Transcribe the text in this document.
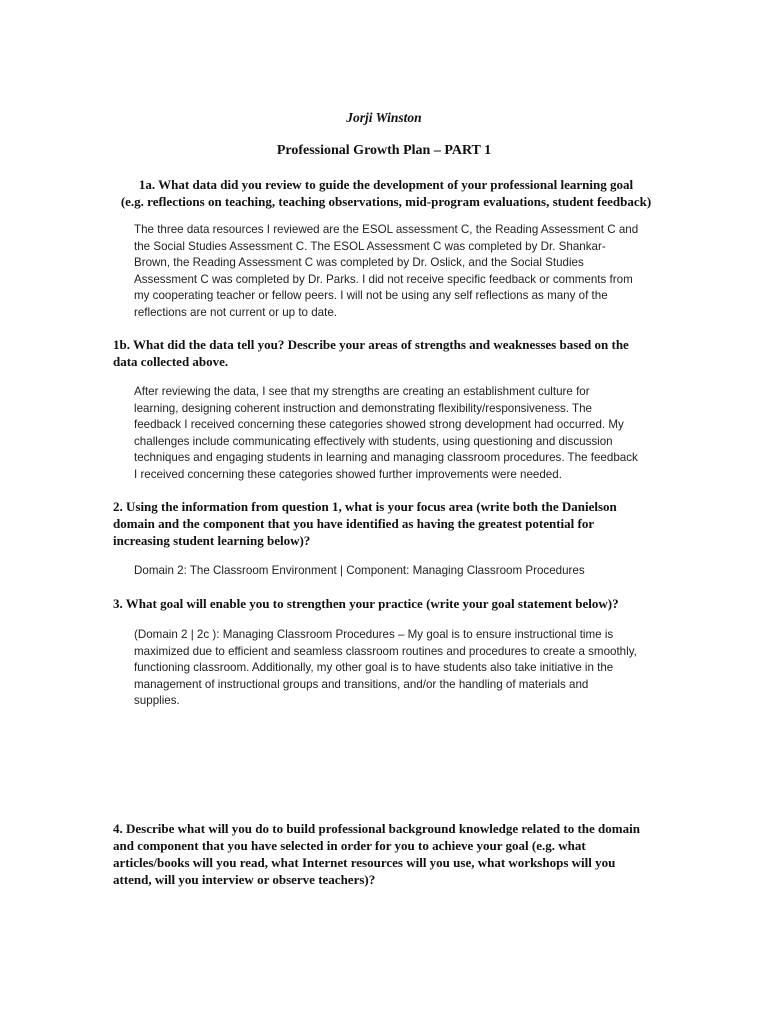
Jorji Winston
Professional Growth Plan – PART 1
1a. What data did you review to guide the development of your professional learning goal
(e.g. reflections on teaching, teaching observations, mid-program evaluations, student feedback)
The three data resources I reviewed are the ESOL assessment C, the Reading Assessment C and
the Social Studies Assessment C. The ESOL Assessment C was completed by Dr. Shankar-
Brown, the Reading Assessment C was completed by Dr. Oslick, and the Social Studies
Assessment C was completed by Dr. Parks. I did not receive specific feedback or comments from
my cooperating teacher or fellow peers. I will not be using any self reflections as many of the
reflections are not current or up to date.
1b. What did the data tell you? Describe your areas of strengths and weaknesses based on the
data collected above.
After reviewing the data, I see that my strengths are creating an establishment culture for
learning, designing coherent instruction and demonstrating flexibility/responsiveness. The
feedback I received concerning these categories showed strong development had occurred. My
challenges include communicating effectively with students, using questioning and discussion
techniques and engaging students in learning and managing classroom procedures. The feedback
I received concerning these categories showed further improvements were needed.
2. Using the information from question 1, what is your focus area (write both the Danielson
domain and the component that you have identified as having the greatest potential for
increasing student learning below)?
Domain 2: The Classroom Environment | Component: Managing Classroom Procedures
3. What goal will enable you to strengthen your practice (write your goal statement below)?
(Domain 2 | 2c ): Managing Classroom Procedures – My goal is to ensure instructional time is
maximized due to efficient and seamless classroom routines and procedures to create a smoothly,
functioning classroom. Additionally, my other goal is to have students also take initiative in the
management of instructional groups and transitions, and/or the handling of materials and
supplies.
4. Describe what will you do to build professional background knowledge related to the domain
and component that you have selected in order for you to achieve your goal (e.g. what
articles/books will you read, what Internet resources will you use, what workshops will you
attend, will you interview or observe teachers)?
